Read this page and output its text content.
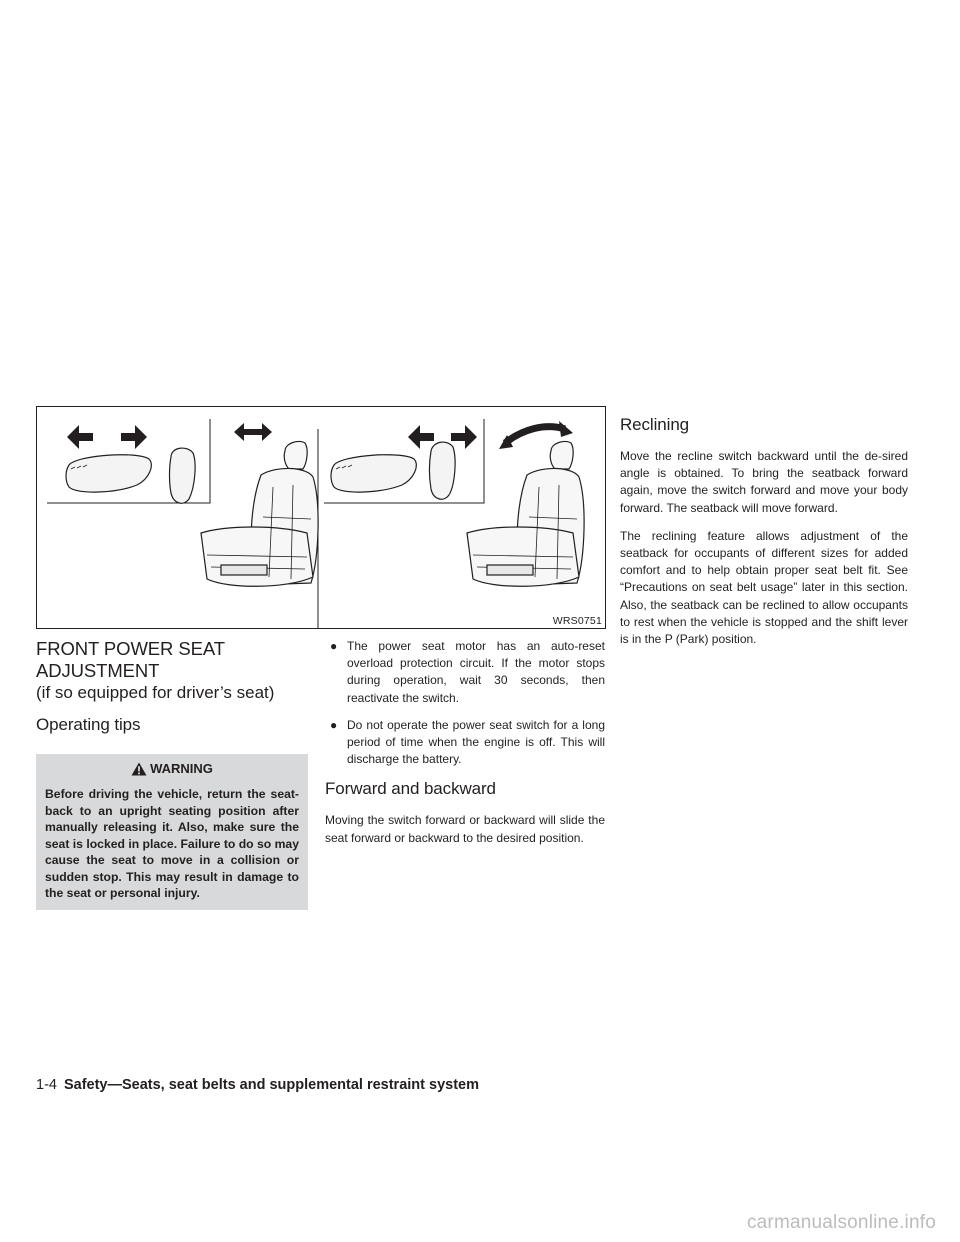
WRS0751
FRONT POWER SEAT ADJUSTMENT

(if so equipped for driver’s seat)

Operating tips
WARNING
Before driving the vehicle, return the seat-back to an upright seating position after manually releasing it. Also, make sure the seat is locked in place. Failure to do so may cause the seat to move in a collision or sudden stop. This may result in damage to the seat or personal injury.
● The power seat motor has an auto-reset overload protection circuit. If the motor stops during operation, wait 30 seconds, then reactivate the switch.
● Do not operate the power seat switch for a long period of time when the engine is off. This will discharge the battery.
Forward and backward

Moving the switch forward or backward will slide the seat forward or backward to the desired position.

Reclining

Move the recline switch backward until the de-sired angle is obtained. To bring the seatback forward again, move the switch forward and move your body forward. The seatback will move forward.

The reclining feature allows adjustment of the seatback for occupants of different sizes for added comfort and to help obtain proper seat belt fit. See “Precautions on seat belt usage” later in this section. Also, the seatback can be reclined to allow occupants to rest when the vehicle is stopped and the shift lever is in the P (Park) position.

1-4 Safety—Seats, seat belts and supplemental restraint system
carmanualsonline.info
